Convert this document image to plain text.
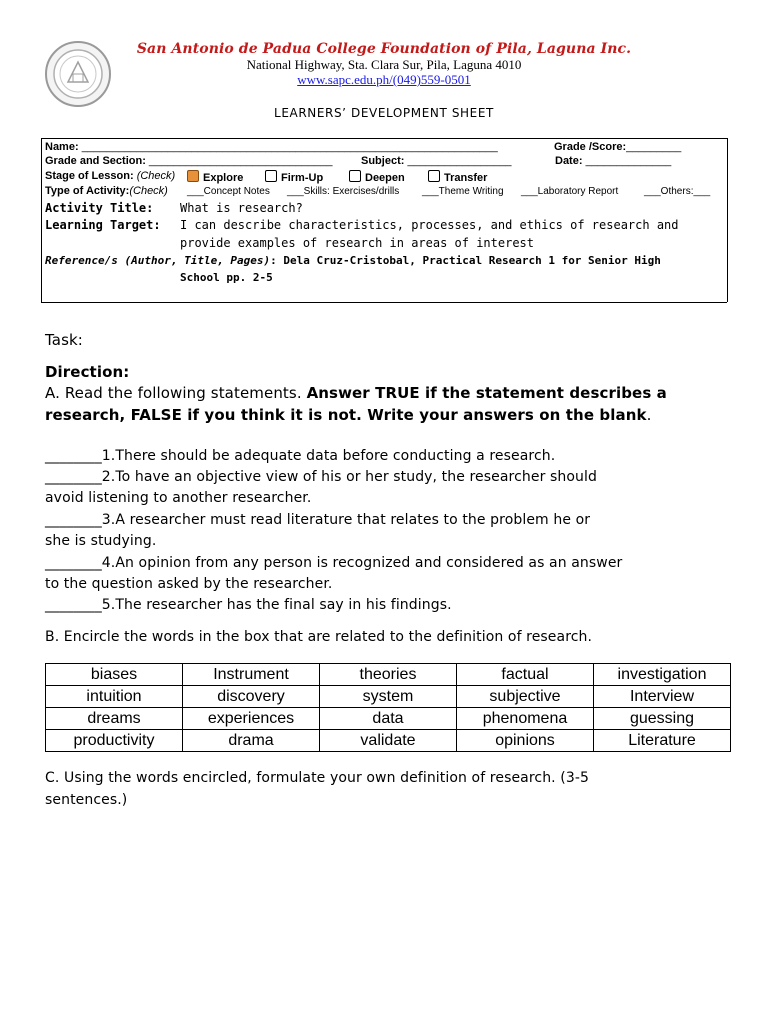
San Antonio de Padua College Foundation of Pila, Laguna Inc.
National Highway, Sta. Clara Sur, Pila, Laguna 4010
www.sapc.edu.ph/(049)559-0501
LEARNERS’ DEVELOPMENT SHEET
Name: ____________________________________________________________________	Grade /Score:_________
Grade and Section: ______________________________	Subject: _________________	Date: ______________
Stage of Lesson: (Check)	Explore	Firm-Up	Deepen	Transfer
Type of Activity:(Check) ___Concept Notes ___Skills: Exercises/drills ___Theme Writing ___Laboratory Report	___Others:___
Activity Title: What is research?
Learning Target: I can describe characteristics, processes, and ethics of research and
provide examples of research in areas of interest
Reference/s (Author, Title, Pages): Dela Cruz-Cristobal, Practical Research 1 for Senior High
School pp. 2-5
Task:
Direction:
A. Read the following statements. Answer TRUE if the statement describes a
research, FALSE if you think it is not. Write your answers on the blank.
________1.There should be adequate data before conducting a research.
________2.To have an objective view of his or her study, the researcher should
avoid listening to another researcher.
________3.A researcher must read literature that relates to the problem he or
she is studying.
________4.An opinion from any person is recognized and considered as an answer
to the question asked by the researcher.
________5.The researcher has the final say in his findings.
B. Encircle the words in the box that are related to the definition of research.
biases	Instrument	theories	factual	investigation
intuition	discovery	system	subjective	Interview
dreams	experiences	data	phenomena	guessing
productivity	drama	validate	opinions	Literature
C. Using the words encircled, formulate your own definition of research. (3-5
sentences.)
